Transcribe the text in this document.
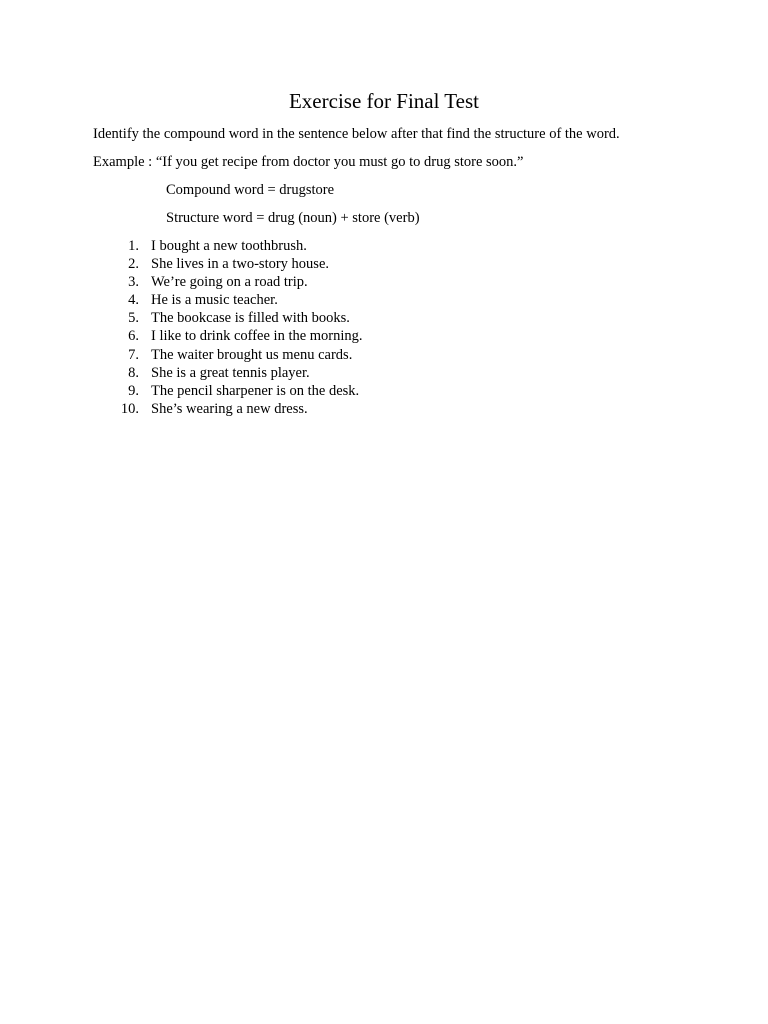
Exercise for Final Test

Identify the compound word in the sentence below after that find the structure of the word.

Example : “If you get recipe from doctor you must go to drug store soon.”

Compound word = drugstore

Structure word = drug (noun) + store (verb)

1. I bought a new toothbrush.
2. She lives in a two-story house.
3. We’re going on a road trip.
4. He is a music teacher.
5. The bookcase is filled with books.
6. I like to drink coffee in the morning.
7. The waiter brought us menu cards.
8. She is a great tennis player.
9. The pencil sharpener is on the desk.
10. She’s wearing a new dress.
